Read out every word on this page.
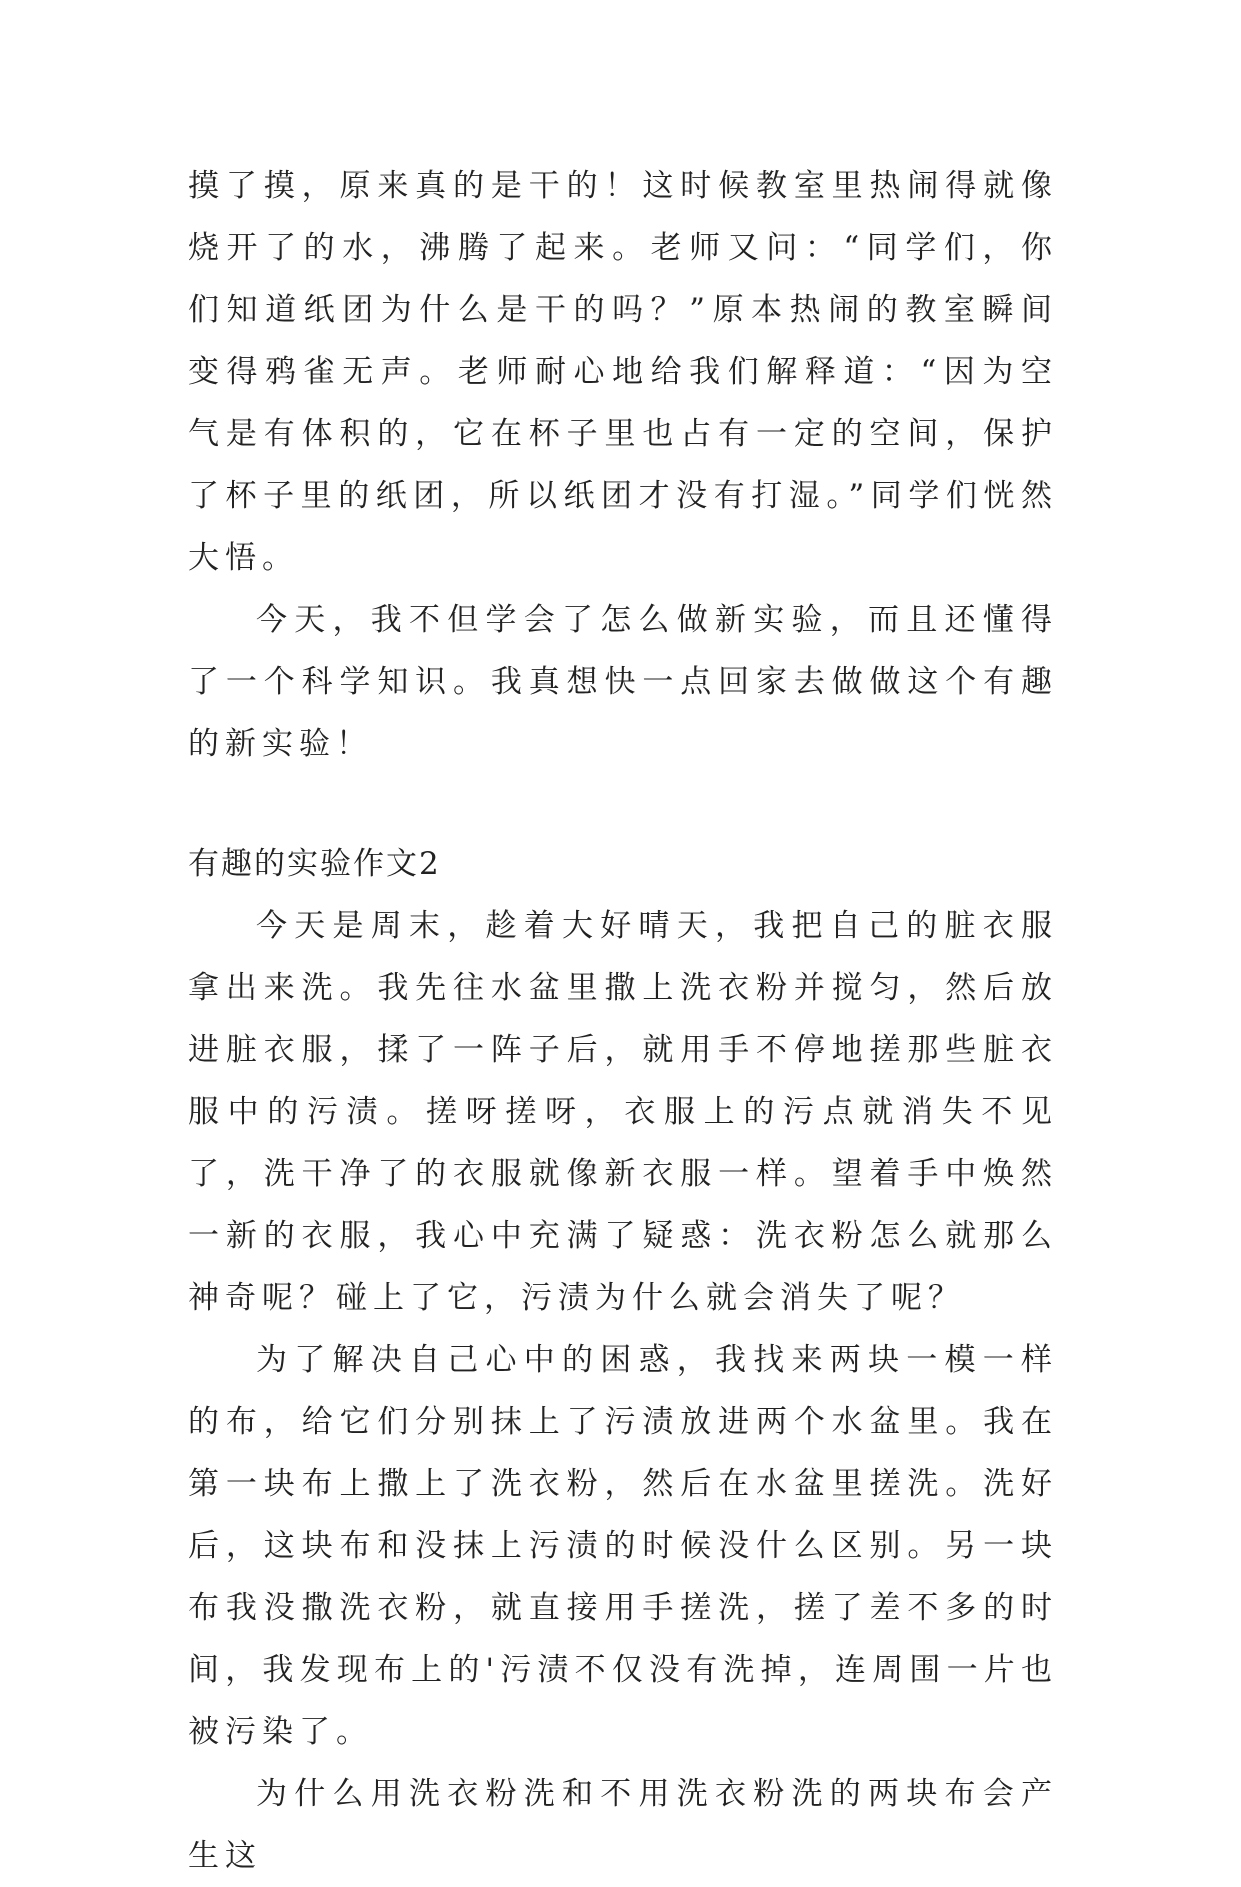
摸了摸，原来真的是干的！这时候教室里热闹得就像烧开了的水，沸腾了起来。老师又问：“同学们，你们知道纸团为什么是干的吗？”原本热闹的教室瞬间变得鸦雀无声。老师耐心地给我们解释道：“因为空气是有体积的，它在杯子里也占有一定的空间，保护了杯子里的纸团，所以纸团才没有打湿。”同学们恍然大悟。

今天，我不但学会了怎么做新实验，而且还懂得了一个科学知识。我真想快一点回家去做做这个有趣的新实验！

有趣的实验作文2

今天是周末，趁着大好晴天，我把自己的脏衣服拿出来洗。我先往水盆里撒上洗衣粉并搅匀，然后放进脏衣服，揉了一阵子后，就用手不停地搓那些脏衣服中的污渍。搓呀搓呀，衣服上的污点就消失不见了，洗干净了的衣服就像新衣服一样。望着手中焕然一新的衣服，我心中充满了疑惑：洗衣粉怎么就那么神奇呢？碰上了它，污渍为什么就会消失了呢？

为了解决自己心中的困惑，我找来两块一模一样的布，给它们分别抹上了污渍放进两个水盆里。我在第一块布上撒上了洗衣粉，然后在水盆里搓洗。洗好后，这块布和没抹上污渍的时候没什么区别。另一块布我没撒洗衣粉，就直接用手搓洗，搓了差不多的时间，我发现布上的'污渍不仅没有洗掉，连周围一片也被污染了。

为什么用洗衣粉洗和不用洗衣粉洗的两块布会产生这
